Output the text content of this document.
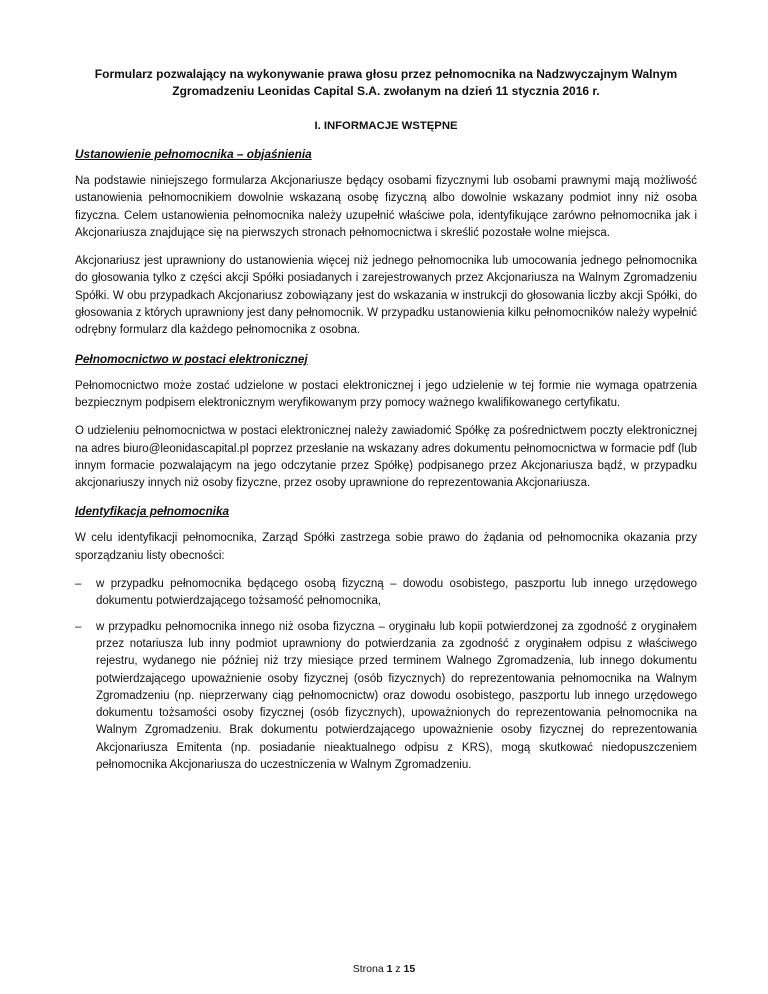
Formularz pozwalający na wykonywanie prawa głosu przez pełnomocnika na Nadzwyczajnym Walnym
Zgromadzeniu Leonidas Capital S.A. zwołanym na dzień 11 stycznia 2016 r.
I. INFORMACJE WSTĘPNE
Ustanowienie pełnomocnika – objaśnienia

Na podstawie niniejszego formularza Akcjonariusze będący osobami fizycznymi lub osobami prawnymi mają możliwość ustanowienia pełnomocnikiem dowolnie wskazaną osobę fizyczną albo dowolnie wskazany podmiot inny niż osoba fizyczna. Celem ustanowienia pełnomocnika należy uzupełnić właściwe pola, identyfikujące zarówno pełnomocnika jak i Akcjonariusza znajdujące się na pierwszych stronach pełnomocnictwa i skreślić pozostałe wolne miejsca.

Akcjonariusz jest uprawniony do ustanowienia więcej niż jednego pełnomocnika lub umocowania jednego pełnomocnika do głosowania tylko z części akcji Spółki posiadanych i zarejestrowanych przez Akcjonariusza na Walnym Zgromadzeniu Spółki. W obu przypadkach Akcjonariusz zobowiązany jest do wskazania w instrukcji do głosowania liczby akcji Spółki, do głosowania z których uprawniony jest dany pełnomocnik. W przypadku ustanowienia kilku pełnomocników należy wypełnić odrębny formularz dla każdego pełnomocnika z osobna.

Pełnomocnictwo w postaci elektronicznej

Pełnomocnictwo może zostać udzielone w postaci elektronicznej i jego udzielenie w tej formie nie wymaga opatrzenia bezpiecznym podpisem elektronicznym weryfikowanym przy pomocy ważnego kwalifikowanego certyfikatu.

O udzieleniu pełnomocnictwa w postaci elektronicznej należy zawiadomić Spółkę za pośrednictwem poczty elektronicznej na adres biuro@leonidascapital.pl poprzez przesłanie na wskazany adres dokumentu pełnomocnictwa w formacie pdf (lub innym formacie pozwalającym na jego odczytanie przez Spółkę) podpisanego przez Akcjonariusza bądź, w przypadku akcjonariuszy innych niż osoby fizyczne, przez osoby uprawnione do reprezentowania Akcjonariusza.

Identyfikacja pełnomocnika

W celu identyfikacji pełnomocnika, Zarząd Spółki zastrzega sobie prawo do żądania od pełnomocnika okazania przy sporządzaniu listy obecności:

– w przypadku pełnomocnika będącego osobą fizyczną – dowodu osobistego, paszportu lub innego urzędowego dokumentu potwierdzającego tożsamość pełnomocnika,
– w przypadku pełnomocnika innego niż osoba fizyczna – oryginału lub kopii potwierdzonej za zgodność z oryginałem przez notariusza lub inny podmiot uprawniony do potwierdzania za zgodność z oryginałem odpisu z właściwego rejestru, wydanego nie później niż trzy miesiące przed terminem Walnego Zgromadzenia, lub innego dokumentu potwierdzającego upoważnienie osoby fizycznej (osób fizycznych) do reprezentowania pełnomocnika na Walnym Zgromadzeniu (np. nieprzerwany ciąg pełnomocnictw) oraz dowodu osobistego, paszportu lub innego urzędowego dokumentu tożsamości osoby fizycznej (osób fizycznych), upoważnionych do reprezentowania pełnomocnika na Walnym Zgromadzeniu. Brak dokumentu potwierdzającego upoważnienie osoby fizycznej do reprezentowania Akcjonariusza Emitenta (np. posiadanie nieaktualnego odpisu z KRS), mogą skutkować niedopuszczeniem pełnomocnika Akcjonariusza do uczestniczenia w Walnym Zgromadzeniu.
Strona 1 z 15
